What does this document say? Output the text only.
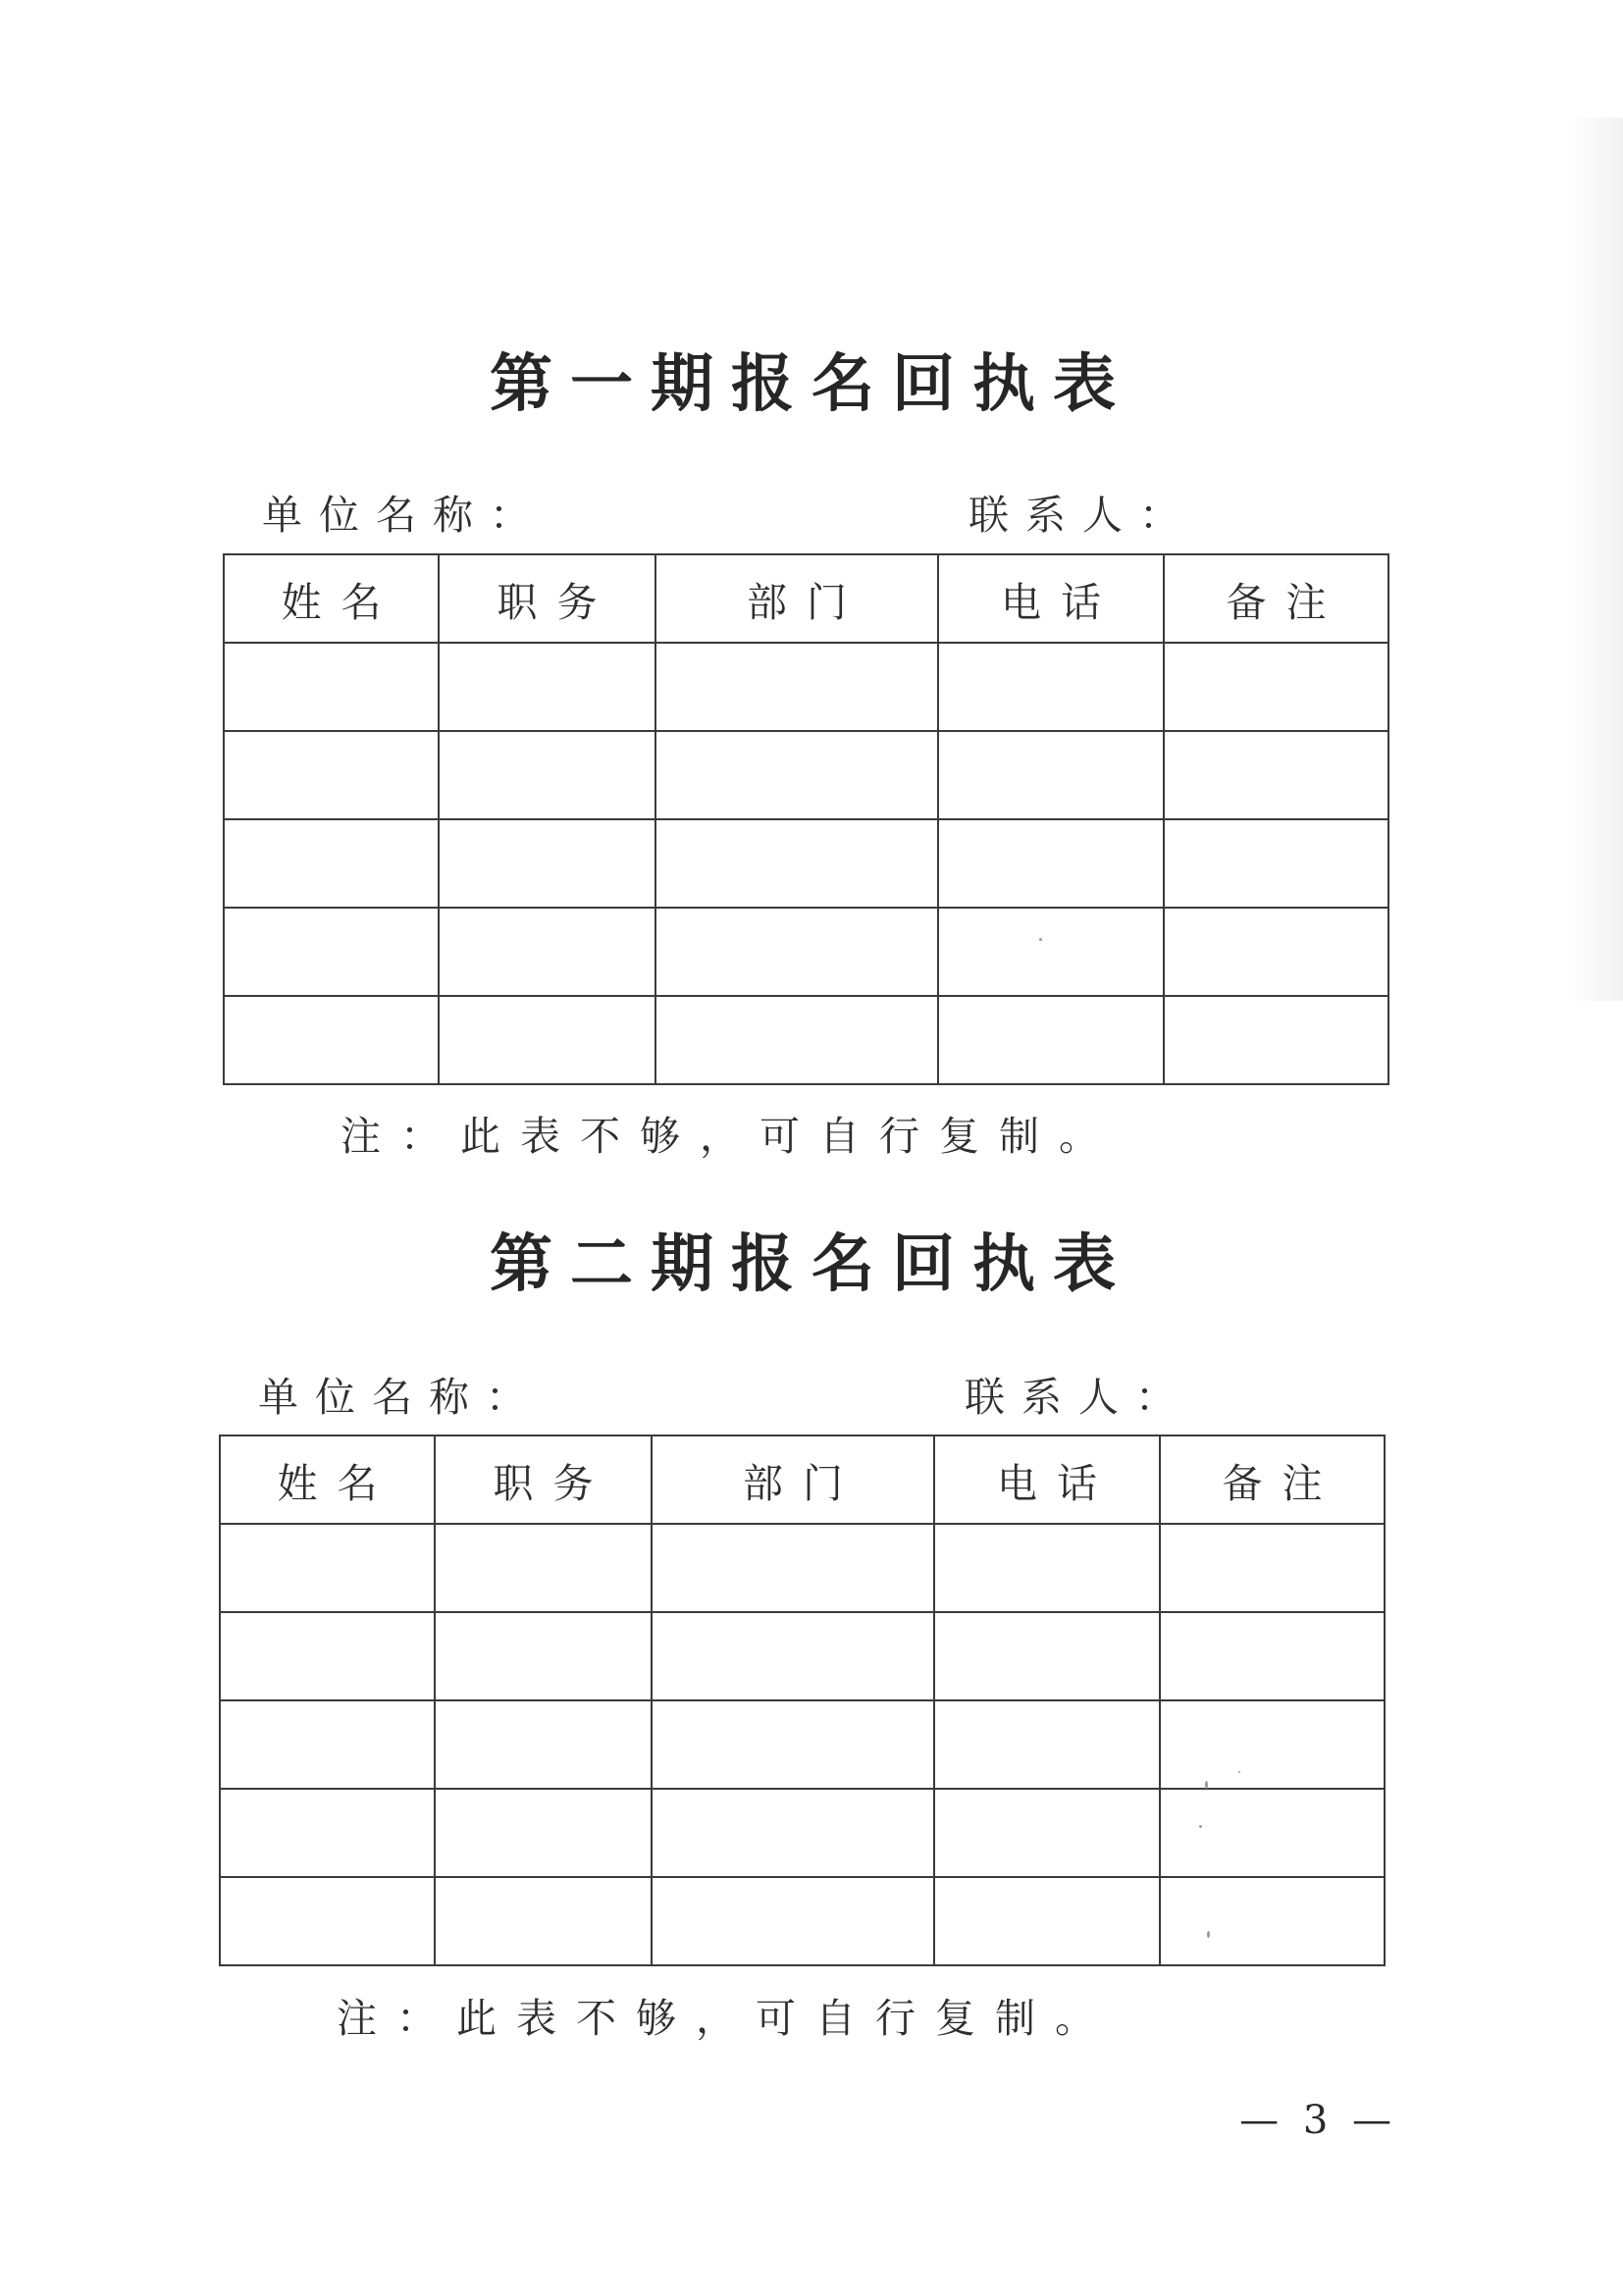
第一期报名回执表
单位名称：	联系人：
姓名	职务	部门	电话	备注

注：此表不够，可自行复制。
第二期报名回执表
单位名称：	联系人：
姓名	职务	部门	电话	备注

注：此表不够，可自行复制。
— 3 —
